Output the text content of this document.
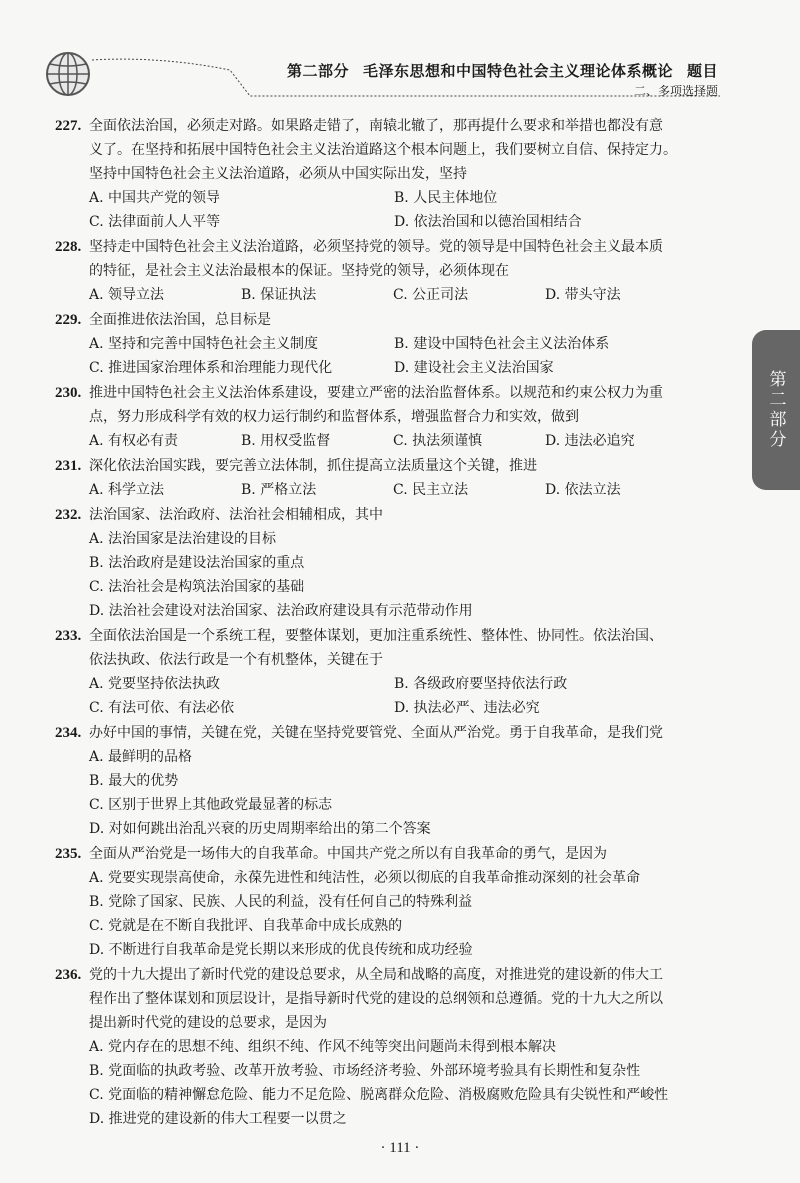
第二部分 毛泽东思想和中国特色社会主义理论体系概论 题目
二、多项选择题
227. 全面依法治国，必须走对路。如果路走错了，南辕北辙了，那再提什么要求和举措也都没有意
义了。在坚持和拓展中国特色社会主义法治道路这个根本问题上，我们要树立自信、保持定力。
坚持中国特色社会主义法治道路，必须从中国实际出发，坚持
A. 中国共产党的领导	B. 人民主体地位
C. 法律面前人人平等	D. 依法治国和以德治国相结合
228. 坚持走中国特色社会主义法治道路，必须坚持党的领导。党的领导是中国特色社会主义最本质
的特征，是社会主义法治最根本的保证。坚持党的领导，必须体现在
A. 领导立法	B. 保证执法	C. 公正司法	D. 带头守法
229. 全面推进依法治国，总目标是
A. 坚持和完善中国特色社会主义制度	B. 建设中国特色社会主义法治体系
C. 推进国家治理体系和治理能力现代化	D. 建设社会主义法治国家
230. 推进中国特色社会主义法治体系建设，要建立严密的法治监督体系。以规范和约束公权力为重
点，努力形成科学有效的权力运行制约和监督体系，增强监督合力和实效，做到
A. 有权必有责	B. 用权受监督	C. 执法须谨慎	D. 违法必追究
231. 深化依法治国实践，要完善立法体制，抓住提高立法质量这个关键，推进
A. 科学立法	B. 严格立法	C. 民主立法	D. 依法立法
232. 法治国家、法治政府、法治社会相辅相成，其中
A. 法治国家是法治建设的目标
B. 法治政府是建设法治国家的重点
C. 法治社会是构筑法治国家的基础
D. 法治社会建设对法治国家、法治政府建设具有示范带动作用
233. 全面依法治国是一个系统工程，要整体谋划，更加注重系统性、整体性、协同性。依法治国、
依法执政、依法行政是一个有机整体，关键在于
A. 党要坚持依法执政	B. 各级政府要坚持依法行政
C. 有法可依、有法必依	D. 执法必严、违法必究
234. 办好中国的事情，关键在党，关键在坚持党要管党、全面从严治党。勇于自我革命，是我们党
A. 最鲜明的品格
B. 最大的优势
C. 区别于世界上其他政党最显著的标志
D. 对如何跳出治乱兴衰的历史周期率给出的第二个答案
235. 全面从严治党是一场伟大的自我革命。中国共产党之所以有自我革命的勇气，是因为
A. 党要实现崇高使命，永葆先进性和纯洁性，必须以彻底的自我革命推动深刻的社会革命
B. 党除了国家、民族、人民的利益，没有任何自己的特殊利益
C. 党就是在不断自我批评、自我革命中成长成熟的
D. 不断进行自我革命是党长期以来形成的优良传统和成功经验
236. 党的十九大提出了新时代党的建设总要求，从全局和战略的高度，对推进党的建设新的伟大工
程作出了整体谋划和顶层设计，是指导新时代党的建设的总纲领和总遵循。党的十九大之所以
提出新时代党的建设的总要求，是因为
A. 党内存在的思想不纯、组织不纯、作风不纯等突出问题尚未得到根本解决
B. 党面临的执政考验、改革开放考验、市场经济考验、外部环境考验具有长期性和复杂性
C. 党面临的精神懈怠危险、能力不足危险、脱离群众危险、消极腐败危险具有尖锐性和严峻性
D. 推进党的建设新的伟大工程要一以贯之
第二部分
· 111 ·
